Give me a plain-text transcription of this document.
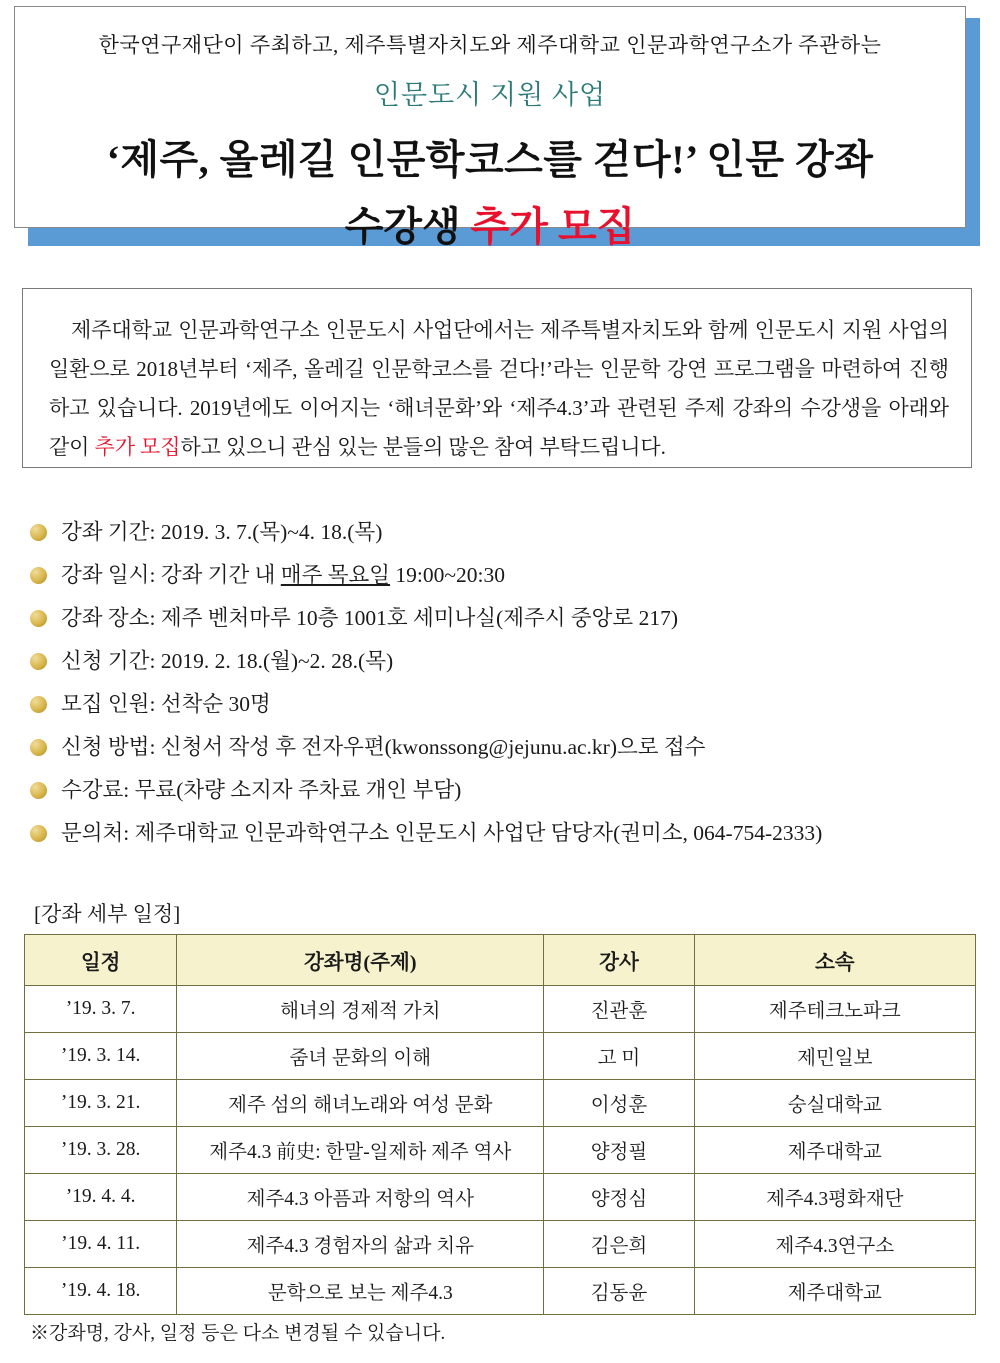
한국연구재단이 주최하고, 제주특별자치도와 제주대학교 인문과학연구소가 주관하는
인문도시 지원 사업
‘제주, 올레길 인문학코스를 걷다!’ 인문 강좌
수강생 추가 모집
제주대학교 인문과학연구소 인문도시 사업단에서는 제주특별자치도와 함께 인문도시 지원 사업의 일환으로 2018년부터 ‘제주, 올레길 인문학코스를 걷다!’라는 인문학 강연 프로그램을 마련하여 진행하고 있습니다. 2019년에도 이어지는 ‘해녀문화’와 ‘제주4.3’과 관련된 주제 강좌의 수강생을 아래와 같이 추가 모집하고 있으니 관심 있는 분들의 많은 참여 부탁드립니다.
강좌 기간: 2019. 3. 7.(목)~4. 18.(목)
강좌 일시: 강좌 기간 내 매주 목요일 19:00~20:30
강좌 장소: 제주 벤처마루 10층 1001호 세미나실(제주시 중앙로 217)
신청 기간: 2019. 2. 18.(월)~2. 28.(목)
모집 인원: 선착순 30명
신청 방법: 신청서 작성 후 전자우편(kwonssong@jejunu.ac.kr)으로 접수
수강료: 무료(차량 소지자 주차료 개인 부담)
문의처: 제주대학교 인문과학연구소 인문도시 사업단 담당자(권미소, 064-754-2333)
[강좌 세부 일정]
일정	강좌명(주제)	강사	소속
’19. 3. 7.	해녀의 경제적 가치	진관훈	제주테크노파크
’19. 3. 14.	줌녀 문화의 이해	고 미	제민일보
’19. 3. 21.	제주 섬의 해녀노래와 여성 문화	이성훈	숭실대학교
’19. 3. 28.	제주4.3 前史: 한말-일제하 제주 역사	양정필	제주대학교
’19. 4. 4.	제주4.3 아픔과 저항의 역사	양정심	제주4.3평화재단
’19. 4. 11.	제주4.3 경험자의 삶과 치유	김은희	제주4.3연구소
’19. 4. 18.	문학으로 보는 제주4.3	김동윤	제주대학교
※강좌명, 강사, 일정 등은 다소 변경될 수 있습니다.
